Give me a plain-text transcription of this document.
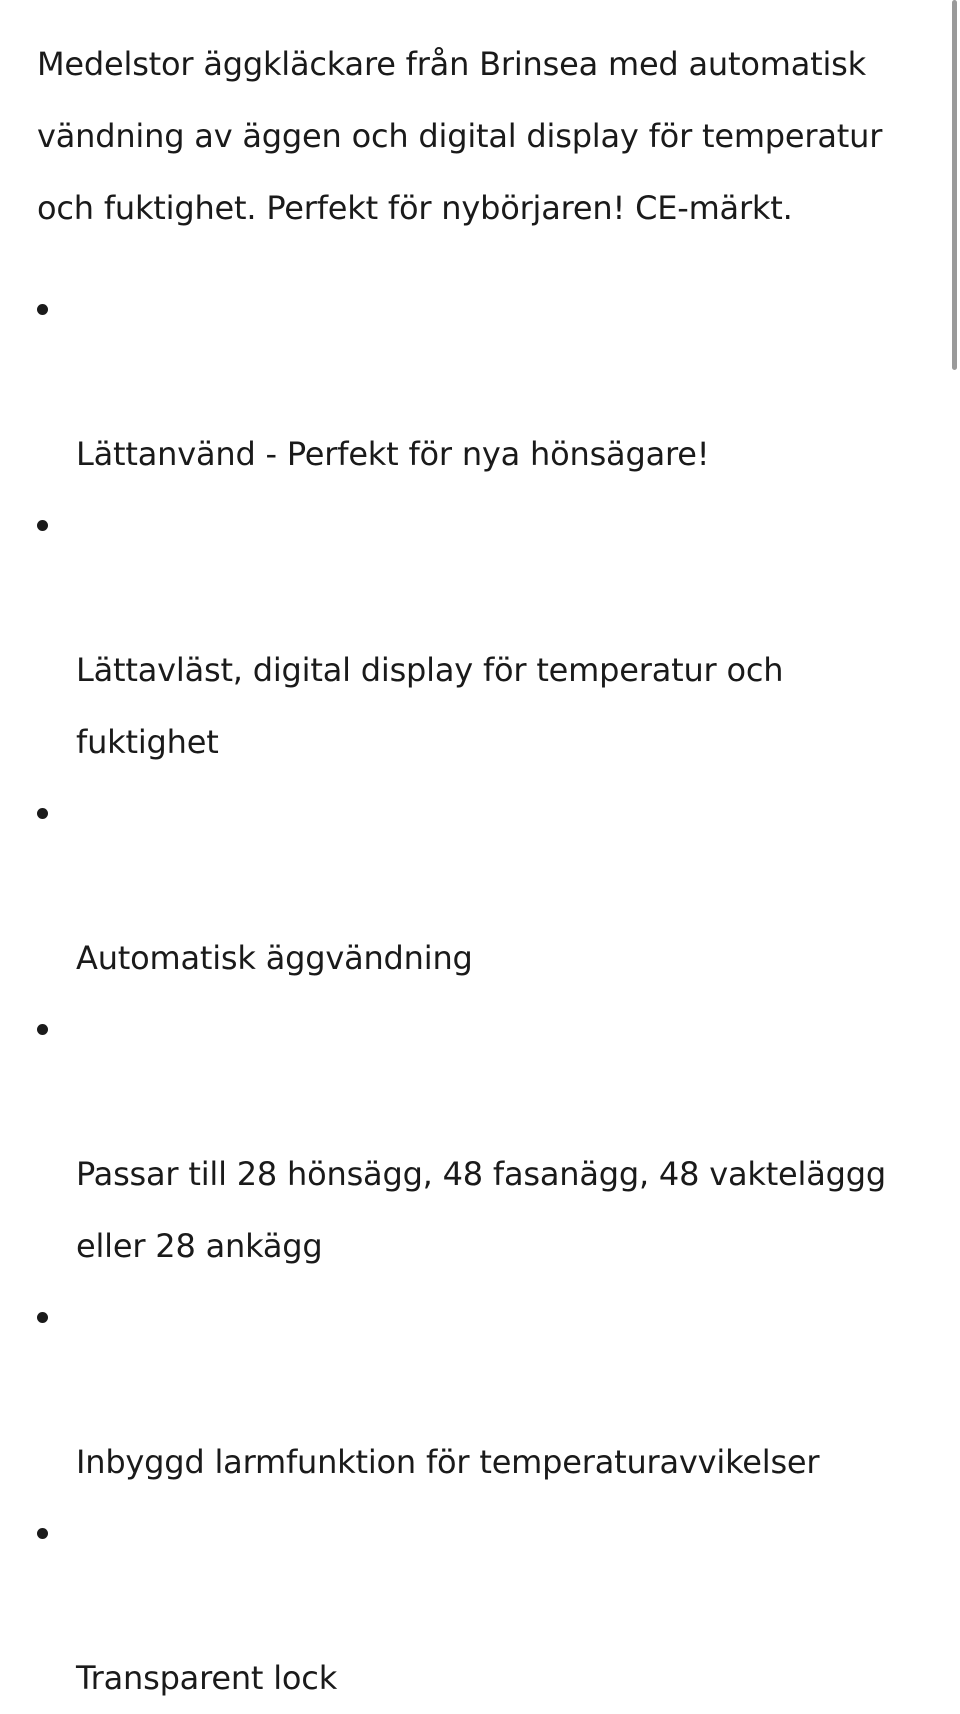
Medelstor äggkläckare från Brinsea med automatisk
vändning av äggen och digital display för temperatur
och fuktighet. Perfekt för nybörjaren! CE-märkt.

Lättanvänd - Perfekt för nya hönsägare!

Lättavläst, digital display för temperatur och
fuktighet

Automatisk äggvändning

Passar till 28 hönsägg, 48 fasanägg, 48 vakteläggg
eller 28 ankägg

Inbyggd larmfunktion för temperaturavvikelser

Transparent lock
